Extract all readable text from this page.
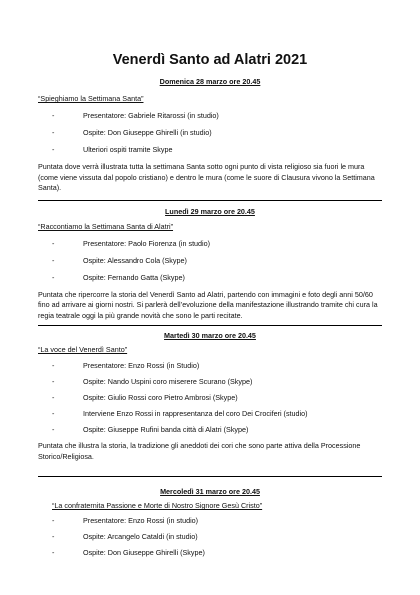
Venerdì Santo ad Alatri 2021

Domenica 28 marzo ore 20.45

“Spieghiamo la Settimana Santa”

-	Presentatore: Gabriele Ritarossi (in studio)
-	Ospite: Don Giuseppe Ghirelli (in studio)
-	Ulteriori ospiti tramite Skype

Puntata dove verrà illustrata tutta la settimana Santa sotto ogni punto di vista religioso sia fuori le mura (come viene vissuta dal popolo cristiano) e dentro le mura (come le suore di Clausura vivono la Settimana Santa).

Lunedì 29 marzo ore 20.45

“Raccontiamo la Settimana Santa di Alatri”

-	Presentatore: Paolo Fiorenza (in studio)
-	Ospite: Alessandro Cola (Skype)
-	Ospite: Fernando Gatta (Skype)

Puntata che ripercorre la storia del Venerdì Santo ad Alatri, partendo con immagini e foto degli anni 50/60 fino ad arrivare ai giorni nostri. Si parlerà dell’evoluzione della manifestazione illustrando tramite chi cura la regia teatrale oggi la più grande novità che sono le parti recitate.

Martedì 30 marzo ore 20.45

“La voce del Venerdì Santo”

-	Presentatore: Enzo Rossi (in Studio)
-	Ospite: Nando Uspini coro miserere Scurano (Skype)
-	Ospite: Giulio Rossi coro Pietro Ambrosi (Skype)
-	Interviene Enzo Rossi in rappresentanza del coro Dei Crociferi (studio)
-	Ospite: Giuseppe Rufini banda città di Alatri (Skype)

Puntata che illustra la storia, la tradizione gli aneddoti dei cori che sono parte attiva della Processione Storico/Religiosa.

Mercoledì 31 marzo ore 20.45

“La confraternita Passione e Morte di Nostro Signore Gesù Cristo”

-	Presentatore: Enzo Rossi (in studio)
-	Ospite: Arcangelo Cataldi (in studio)
-	Ospite: Don Giuseppe Ghirelli (Skype)
